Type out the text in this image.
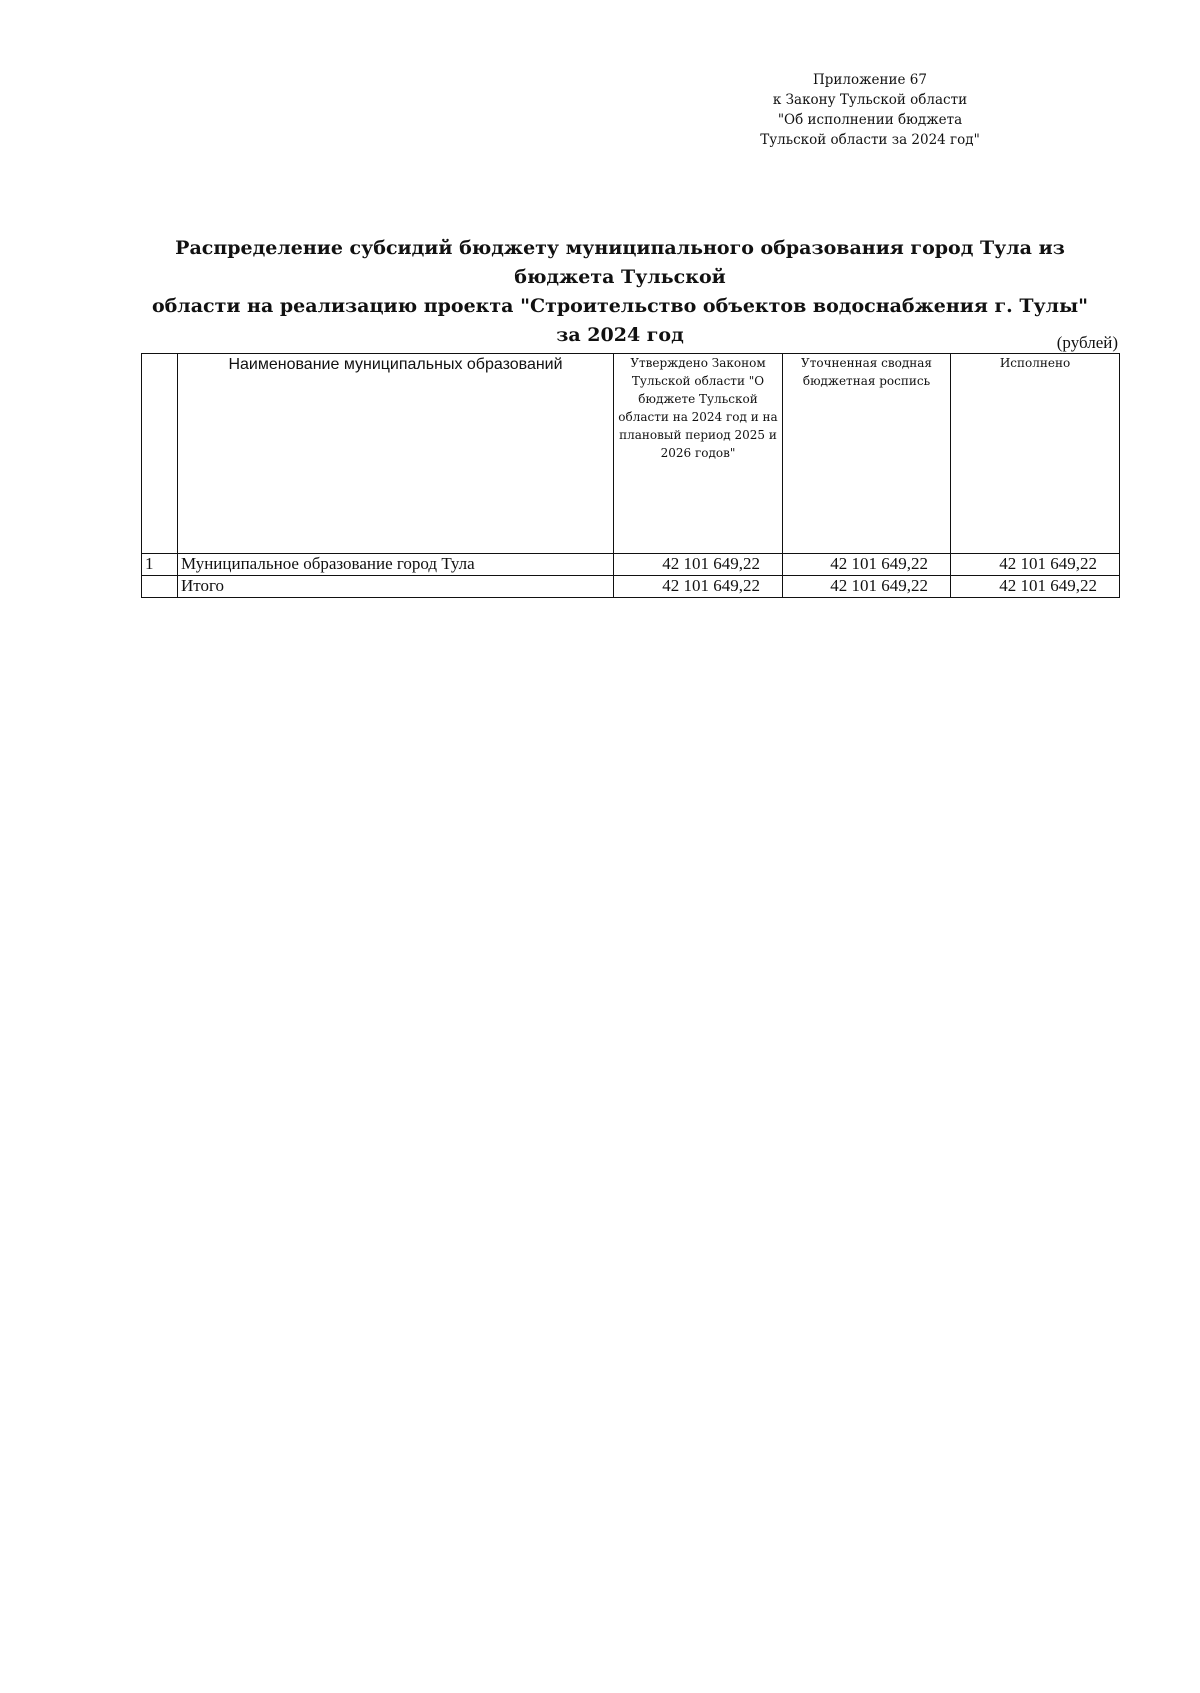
Приложение 67
к Закону Тульской области
"Об исполнении бюджета
Тульской области за 2024 год"
Распределение субсидий бюджету муниципального образования город Тула из бюджета Тульской
области на реализацию проекта "Строительство объектов водоснабжения г. Тулы" за 2024 год	(рублей)
	Наименование муниципальных образований	Утверждено Законом Тульской области "О бюджете Тульской области на 2024 год и на плановый период 2025 и 2026 годов"	Уточненная сводная бюджетная роспись	Исполнено
1	Муниципальное образование город Тула	42 101 649,22	42 101 649,22	42 101 649,22
	Итого	42 101 649,22	42 101 649,22	42 101 649,22
